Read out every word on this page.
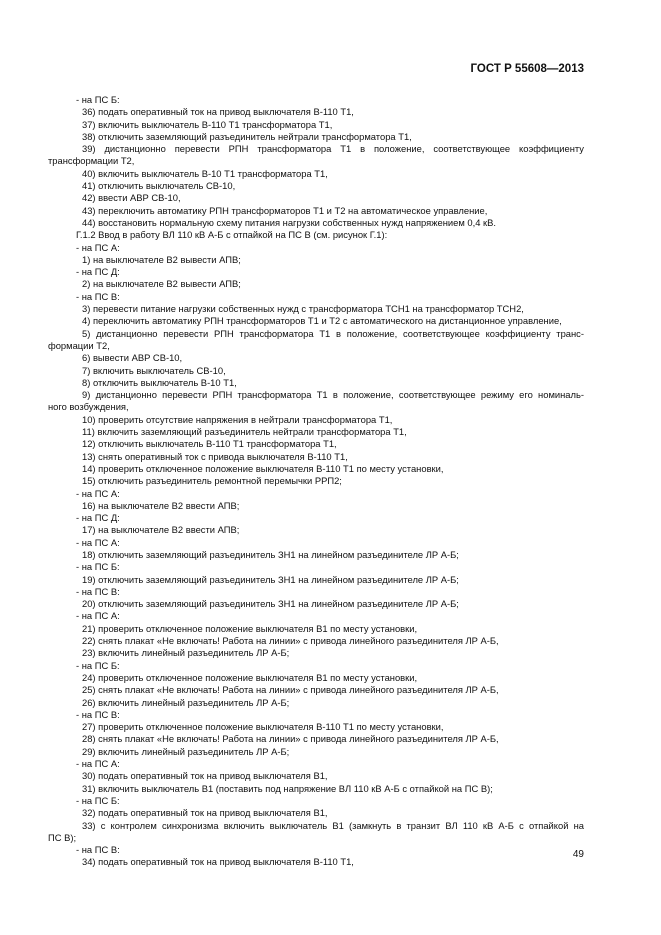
ГОСТ Р 55608—2013
- на ПС Б:
36) подать оперативный ток на привод выключателя В-110 Т1,
37) включить выключатель В-110 Т1 трансформатора Т1,
38) отключить заземляющий разъединитель нейтрали трансформатора Т1,
39) дистанционно перевести РПН трансформатора Т1 в положение, соответствующее коэффициенту
трансформации Т2,
40) включить выключатель В-10 Т1 трансформатора Т1,
41) отключить выключатель СВ-10,
42) ввести АВР СВ-10,
43) переключить автоматику РПН трансформаторов Т1 и Т2 на автоматическое управление,
44) восстановить нормальную схему питания нагрузки собственных нужд напряжением 0,4 кВ.
Г.1.2 Ввод в работу ВЛ 110 кВ А-Б с отпайкой на ПС В (см. рисунок Г.1):
- на ПС А:
1) на выключателе В2 вывести АПВ;
- на ПС Д:
2) на выключателе В2 вывести АПВ;
- на ПС В:
3) перевести питание нагрузки собственных нужд с трансформатора ТСН1 на трансформатор ТСН2,
4) переключить автоматику РПН трансформаторов Т1 и Т2 с автоматического на дистанционное управление,
5) дистанционно перевести РПН трансформатора Т1 в положение, соответствующее коэффициенту транс-
формации Т2,
6) вывести АВР СВ-10,
7) включить выключатель СВ-10,
8) отключить выключатель В-10 Т1,
9) дистанционно перевести РПН трансформатора Т1 в положение, соответствующее режиму его номиналь-
ного возбуждения,
10) проверить отсутствие напряжения в нейтрали трансформатора Т1,
11) включить заземляющий разъединитель нейтрали трансформатора Т1,
12) отключить выключатель В-110 Т1 трансформатора Т1,
13) снять оперативный ток с привода выключателя В-110 Т1,
14) проверить отключенное положение выключателя В-110 Т1 по месту установки,
15) отключить разъединитель ремонтной перемычки РРП2;
- на ПС А:
16) на выключателе В2 ввести АПВ;
- на ПС Д:
17) на выключателе В2 ввести АПВ;
- на ПС А:
18) отключить заземляющий разъединитель ЗН1 на линейном разъединителе ЛР А-Б;
- на ПС Б:
19) отключить заземляющий разъединитель ЗН1 на линейном разъединителе ЛР А-Б;
- на ПС В:
20) отключить заземляющий разъединитель ЗН1 на линейном разъединителе ЛР А-Б;
- на ПС А:
21) проверить отключенное положение выключателя В1 по месту установки,
22) снять плакат «Не включать! Работа на линии» с привода линейного разъединителя ЛР А-Б,
23) включить линейный разъединитель ЛР А-Б;
- на ПС Б:
24) проверить отключенное положение выключателя В1 по месту установки,
25) снять плакат «Не включать! Работа на линии» с привода линейного разъединителя ЛР А-Б,
26) включить линейный разъединитель ЛР А-Б;
- на ПС В:
27) проверить отключенное положение выключателя В-110 Т1 по месту установки,
28) снять плакат «Не включать! Работа на линии» с привода линейного разъединителя ЛР А-Б,
29) включить линейный разъединитель ЛР А-Б;
- на ПС А:
30) подать оперативный ток на привод выключателя В1,
31) включить выключатель В1 (поставить под напряжение ВЛ 110 кВ А-Б с отпайкой на ПС В);
- на ПС Б:
32) подать оперативный ток на привод выключателя В1,
33) с контролем синхронизма включить выключатель В1 (замкнуть в транзит ВЛ 110 кВ А-Б с отпайкой на
ПС В);
- на ПС В:
34) подать оперативный ток на привод выключателя В-110 Т1,
49
